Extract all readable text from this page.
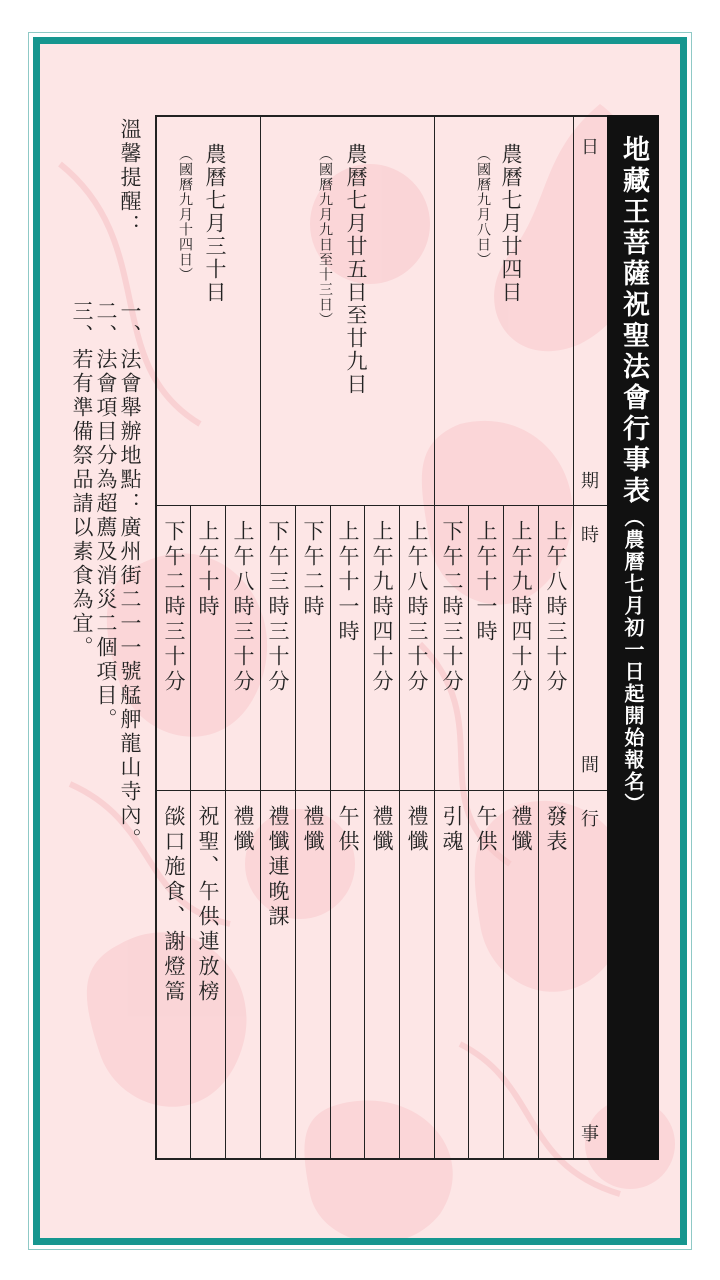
地藏王菩薩祝聖法會行事表（農曆七月初一日起開始報名）
日
期
時
間
行
事
農曆七月廿四日
（國曆九月八日）
農曆七月廿五日至廿九日
（國曆九月九日至十三日）
農曆七月三十日
（國曆九月十四日）
上午八時三十分
發表
上午九時四十分
禮懺
上午十一時
午供
下午二時三十分
引魂
上午八時三十分
禮懺
上午九時四十分
禮懺
上午十一時
午供
下午二時
禮懺
下午三時三十分
禮懺連晚課
上午八時三十分
禮懺
上午十時
祝聖、午供連放榜
下午二時三十分
燄口施食、謝燈篙
溫馨提醒：
一、法會舉辦地點：廣州街二一一號艋舺龍山寺內。
二、法會項目分為超薦及消災二個項目。
三、若有準備祭品請以素食為宜。
